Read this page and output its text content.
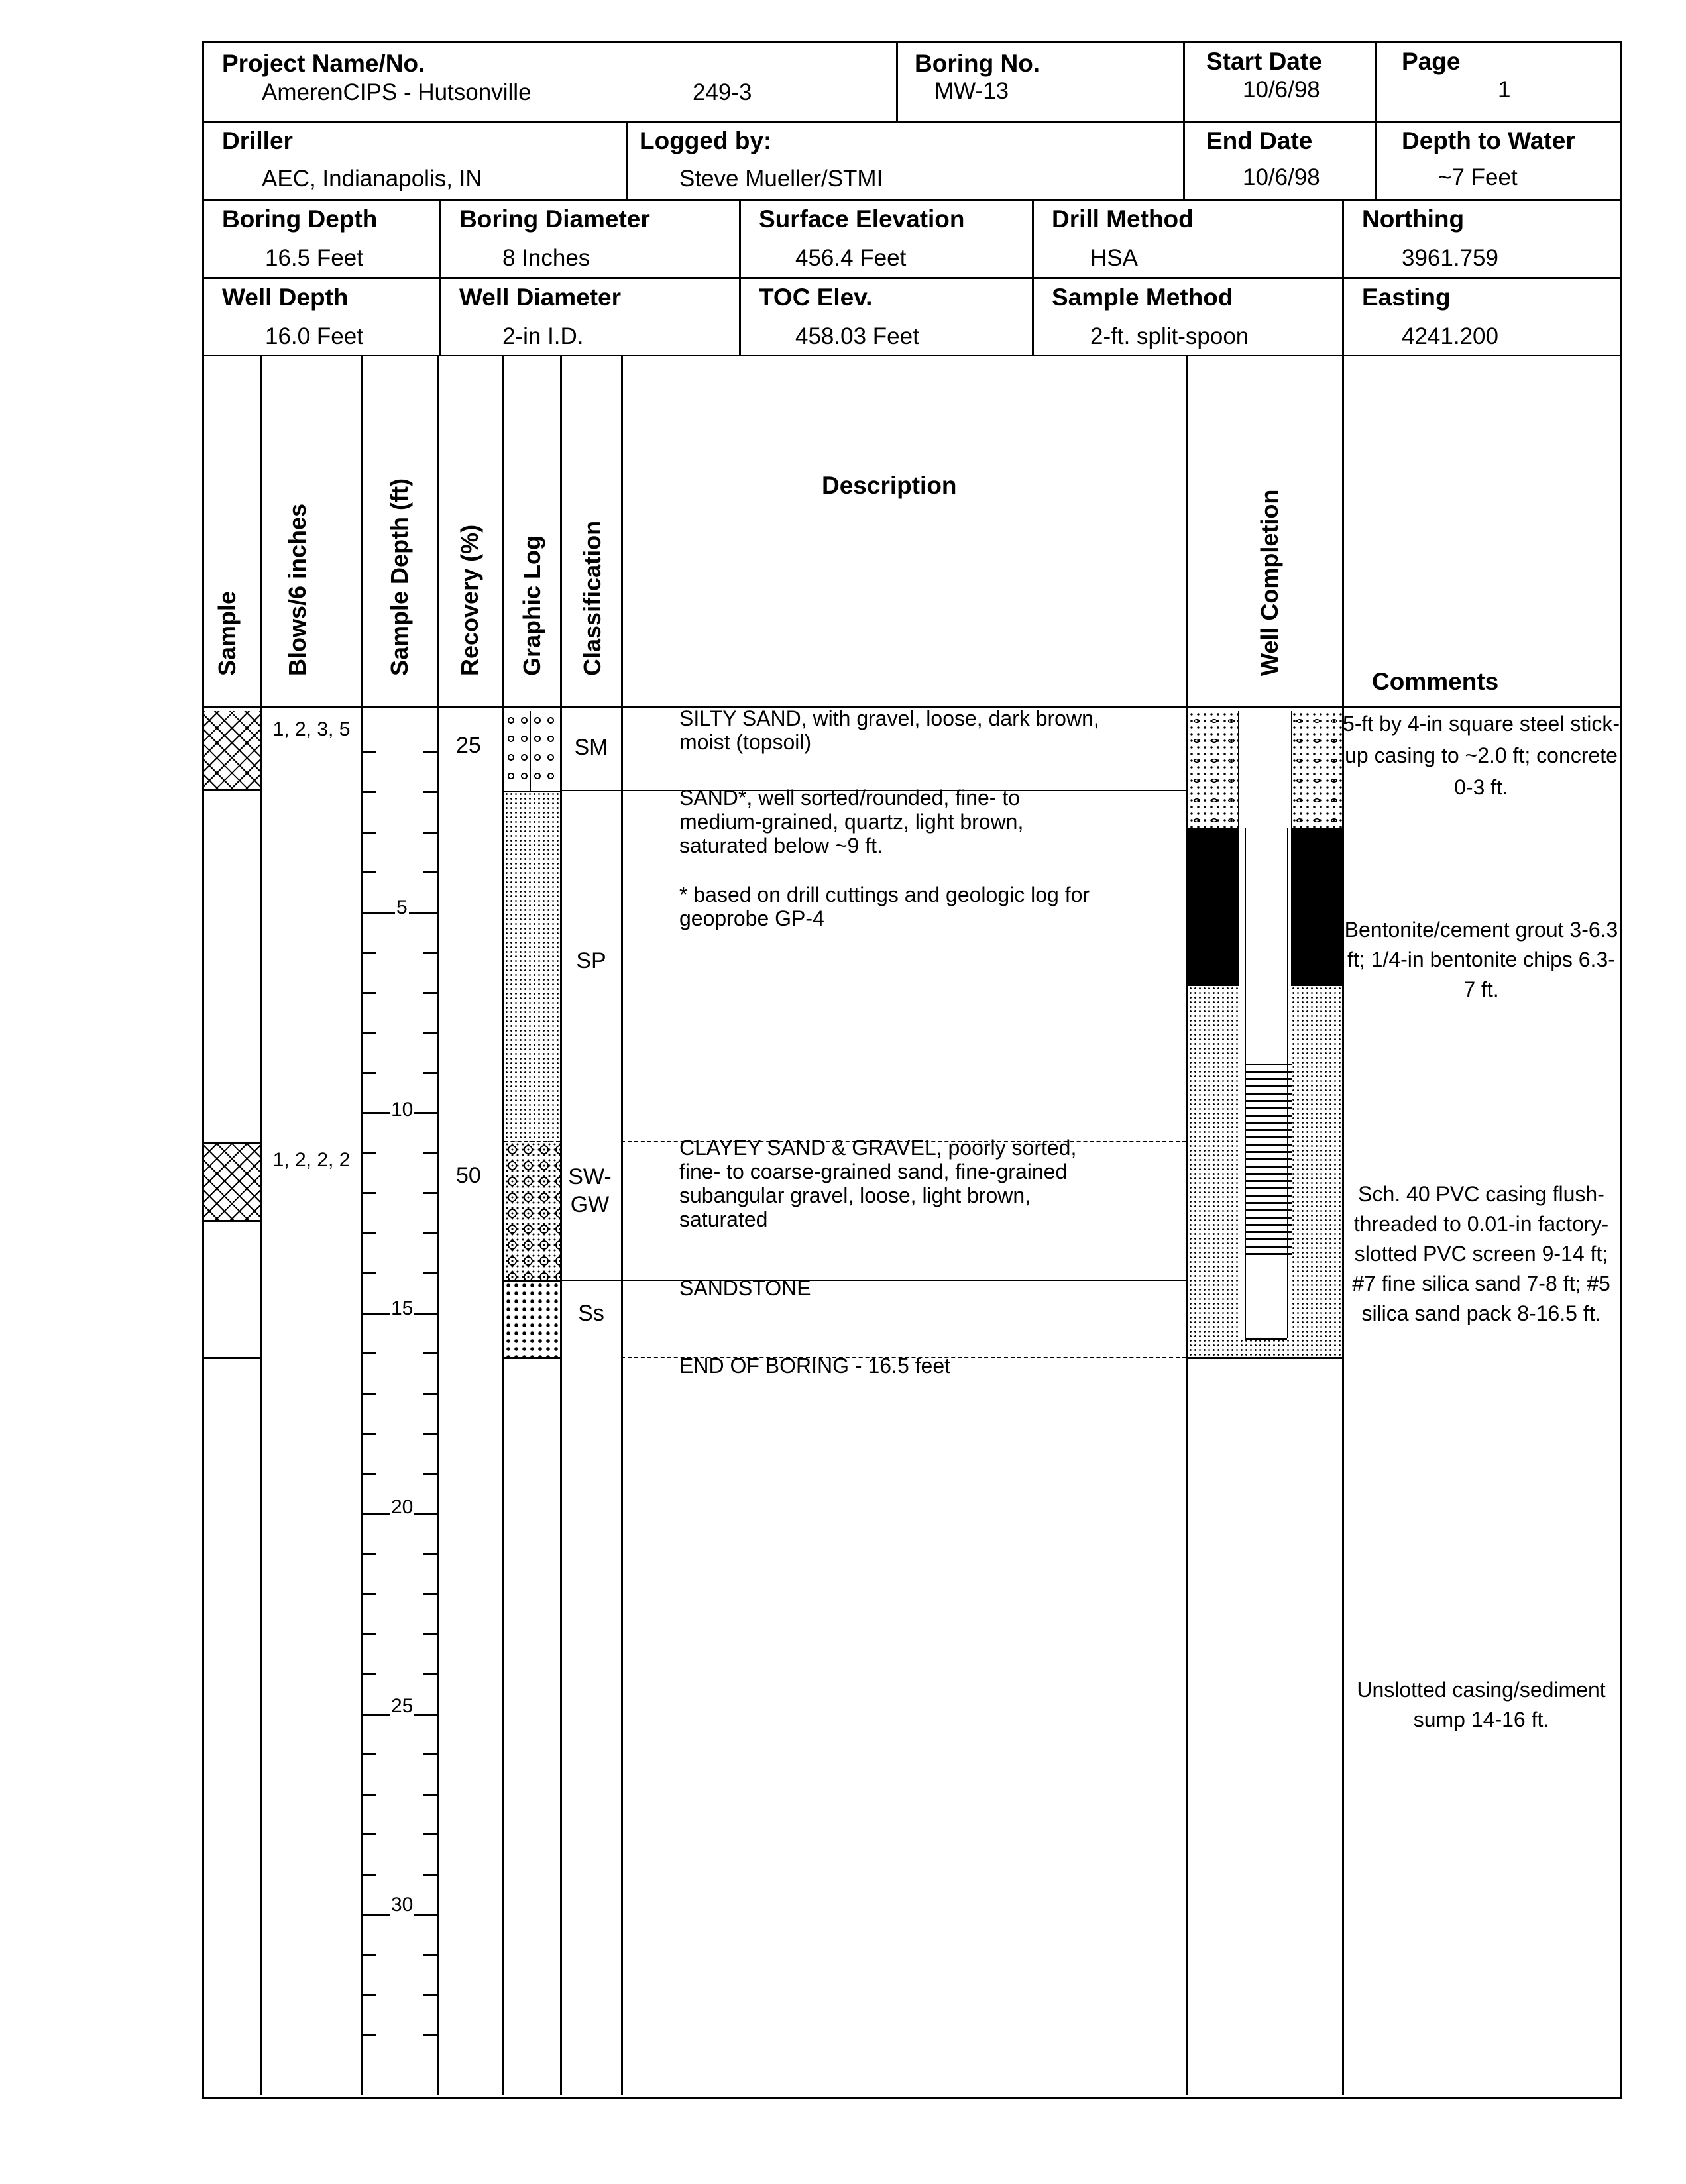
Project Name/No.
AmerenCIPS - Hutsonville	249-3
Boring No.
MW-13
Start Date
10/6/98
Page
1
Driller
AEC, Indianapolis, IN
Logged by:
Steve Mueller/STMI
End Date
10/6/98
Depth to Water
~7 Feet
Boring Depth
16.5 Feet
Boring Diameter
8 Inches
Surface Elevation
456.4 Feet
Drill Method
HSA
Northing
3961.759
Well Depth
16.0 Feet
Well Diameter
2-in I.D.
TOC Elev.
458.03 Feet
Sample Method
2-ft. split-spoon
Easting
4241.200
Sample Blows/6 inches	Sample Depth (ft) Recovery (%) Graphic Log Classification
Description
Well Completion
Comments
1, 2, 3, 5
1, 2, 2, 2
25
50
5
10
15
20
25
30
SM
SP
SW-GW
Ss
SILTY SAND, with gravel, loose, dark brown, moist (topsoil)
SAND*, well sorted/rounded, fine- to medium-grained, quartz, light brown, saturated below ~9 ft.
* based on drill cuttings and geologic log for geoprobe GP-4
CLAYEY SAND & GRAVEL, poorly sorted, fine- to coarse-grained sand, fine-grained subangular gravel, loose, light brown, saturated
SANDSTONE
END OF BORING - 16.5 feet
5-ft by 4-in square steel stick-up casing to ~2.0 ft; concrete 0-3 ft.
Bentonite/cement grout 3-6.3 ft; 1/4-in bentonite chips 6.3-7 ft.
Sch. 40 PVC casing flush-threaded to 0.01-in factory-slotted PVC screen 9-14 ft; #7 fine silica sand 7-8 ft; #5 silica sand pack 8-16.5 ft.
Unslotted casing/sediment sump 14-16 ft.
